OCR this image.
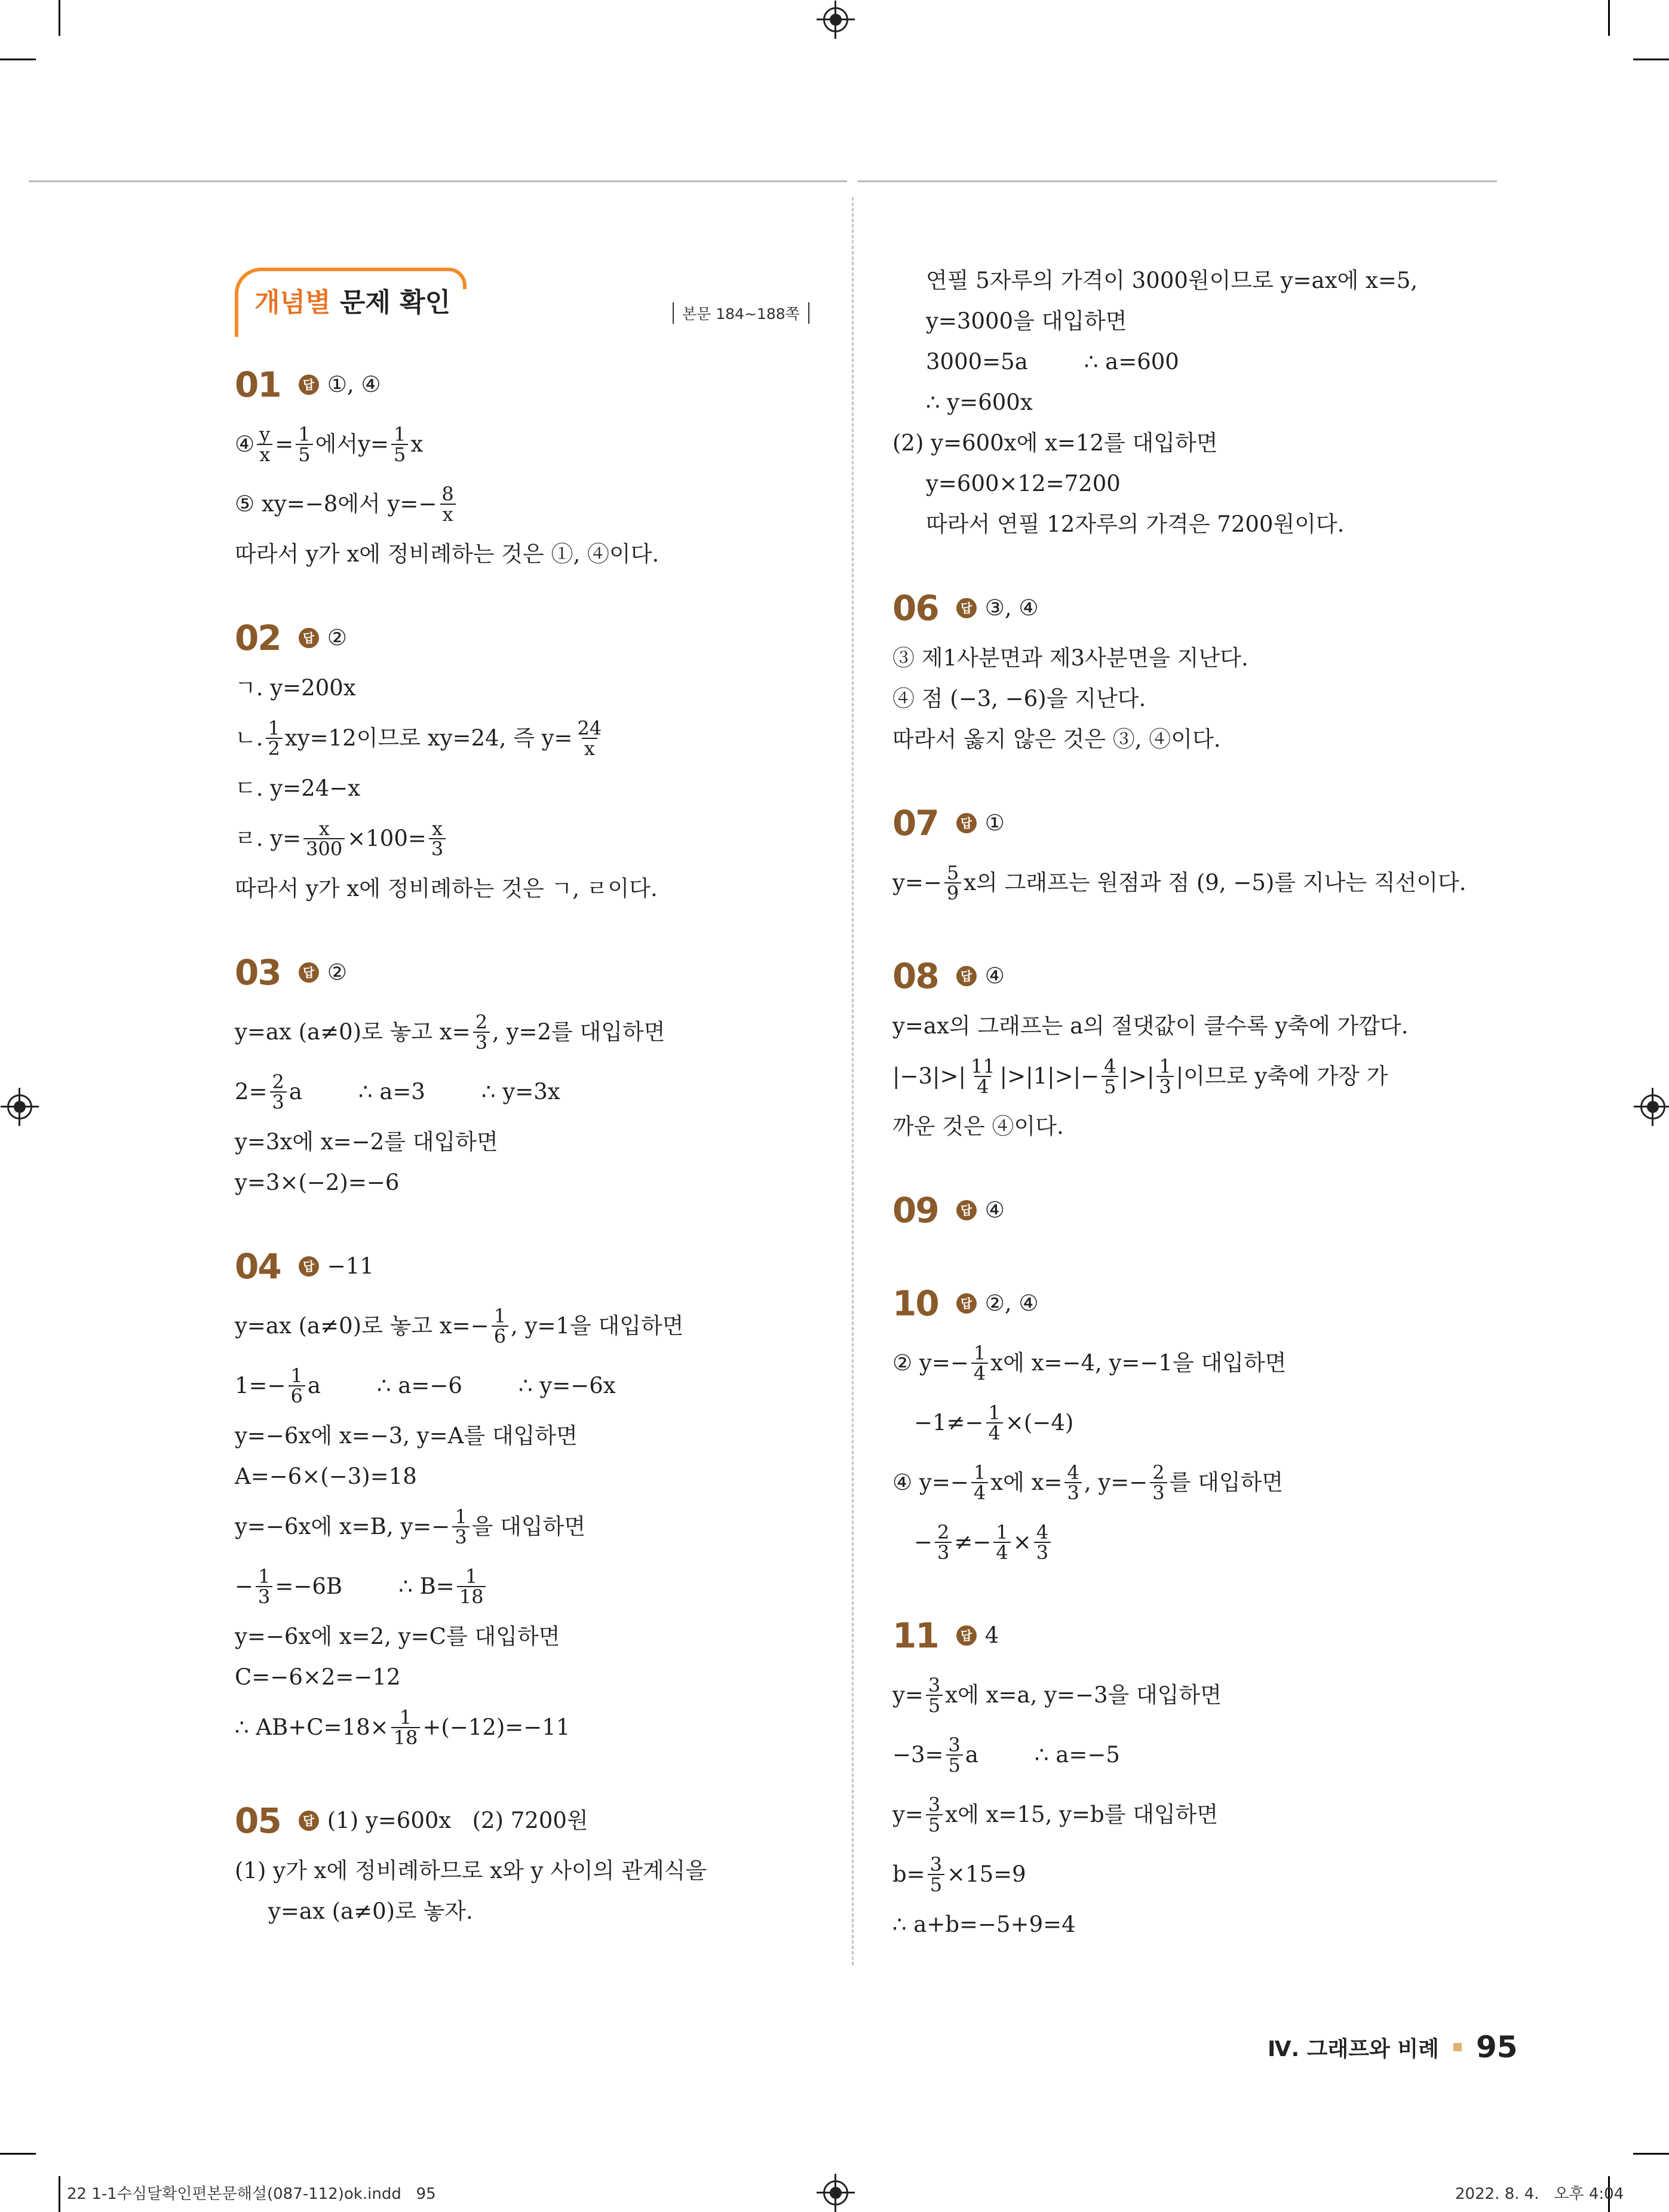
개념별 문제 확인	본문 184~188쪽
01	답 ①, ④
④ $\frac{y}{x} = \frac{1}{5}$ 에서 $y= \frac{1}{5}$ x
⑤ xy=−8에서 $y=- \frac{8}{x}$
따라서 y가 x에 정비례하는 것은 ①, ④이다.
02	답 ②
ㄱ. y=200x
ㄴ. $\frac{1}{2} xy=12$이므로 xy=24, 즉 $y= \frac{24}{x}$
ㄷ. y=24−x
ㄹ. $y= \frac{x}{300} \times 100= \frac{x}{3}$
따라서 y가 x에 정비례하는 것은 ㄱ, ㄹ이다.
03	답 ②
y=ax (a≠0)로 놓고 $x= \frac{2}{3}$ , y=2를 대입하면
$2= \frac{2}{3}$ a        ∴ a=3        ∴ y=3x
y=3x에 x=−2를 대입하면
y=3×(−2)=−6
04	답 −11
y=ax (a≠0)로 놓고 $x=- \frac{1}{6}$ , y=1을 대입하면
$1=- \frac{1}{6}$ a        ∴ a=−6        ∴ y=−6x
y=−6x에 x=−3, y=A를 대입하면
A=−6×(−3)=18
y=−6x에 x=B, $y=- \frac{1}{3}$ 을 대입하면
− $\frac{1}{3} =-6B$        ∴ $B= \frac{1}{18}$
y=−6x에 x=2, y=C를 대입하면
C=−6×2=−12
∴ $AB+C=18\times \frac{1}{18} +(-12)=-11$
05	답 (1) y=600x   (2) 7200원
(1) y가 x에 정비례하므로 x와 y 사이의 관계식을
y=ax (a≠0)로 놓자.
연필 5자루의 가격이 3000원이므로 y=ax에 x=5,
y=3000을 대입하면
3000=5a        ∴ a=600
∴ y=600x
(2) y=600x에 x=12를 대입하면
y=600×12=7200
따라서 연필 12자루의 가격은 7200원이다.
06	답 ③, ④
③ 제1사분면과 제3사분면을 지난다.
④ 점 (−3, −6)을 지난다.
따라서 옳지 않은 것은 ③, ④이다.
07	답 ①
$y=- \frac{5}{9}$ x의 그래프는 원점과 점 (9, −5)를 지나는 직선이다.
08	답 ④
y=ax의 그래프는 a의 절댓값이 클수록 y축에 가깝다.
|−3|> | $\frac{11}{4}$ | >|1|> |− $\frac{4}{5}$ | > | $\frac{1}{3}$ | 이므로 y축에 가장 가
까운 것은 ④이다.
09	답 ④
10	답 ②, ④
② $y=- \frac{1}{4}$ x에 x=−4, y=−1을 대입하면
$-1\ne- \frac{1}{4} \times(-4)$
④ $y=- \frac{1}{4}$ x에 $x= \frac{4}{3}$ , $y=- \frac{2}{3}$ 를 대입하면
− $\frac{2}{3} \ne- \frac{1}{4} \times \frac{4}{3}$
11	답 4
$y= \frac{3}{5}$ x에 x=a, y=−3을 대입하면
$-3= \frac{3}{5}$ a        ∴ a=−5
$y= \frac{3}{5}$ x에 x=15, y=b를 대입하면
$b= \frac{3}{5} \times 15=9$
∴ a+b=−5+9=4
Ⅳ. 그래프와 비례 95
22 1-1수심달확인편본문해설(087-112)ok.indd   95	2022. 8. 4.   오후 4:04
